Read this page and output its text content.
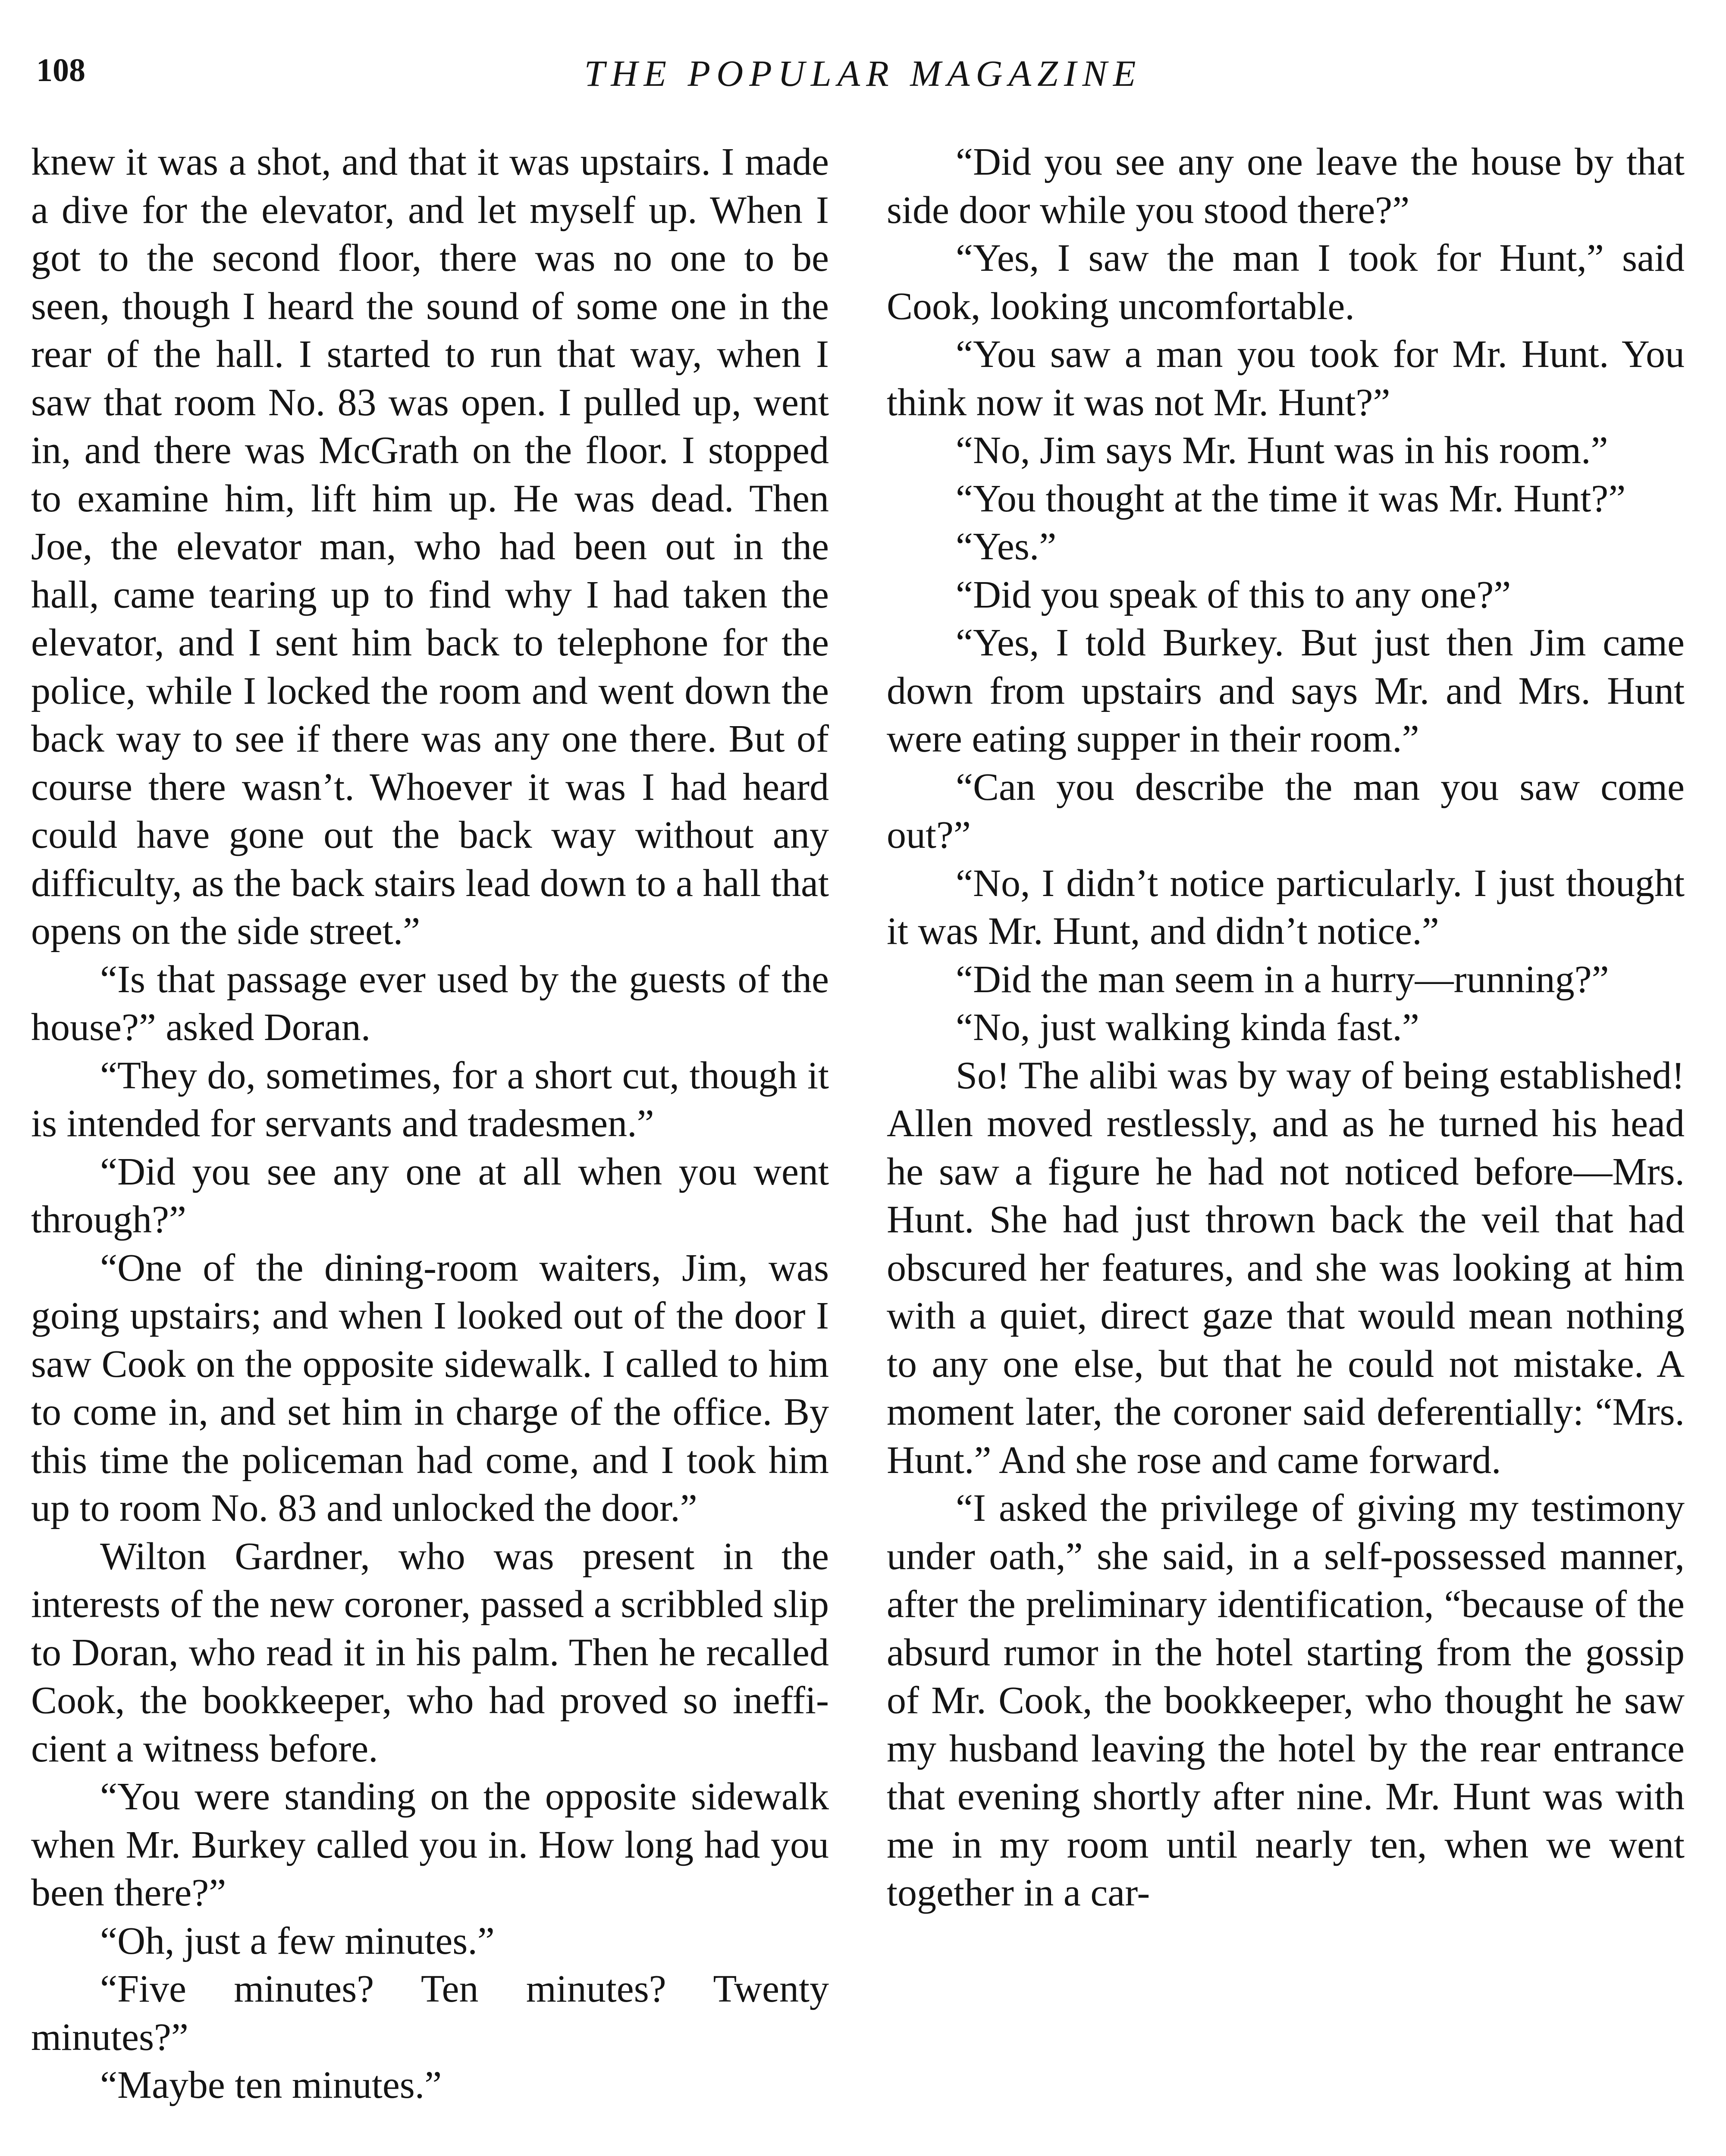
108	THE POPULAR MAGAZINE

knew it was a shot, and that it was upstairs. I made a dive for the elevator, and let myself up. When I got to the second floor, there was no one to be seen, though I heard the sound of some one in the rear of the hall. I started to run that way, when I saw that room No. 83 was open. I pulled up, went in, and there was McGrath on the floor. I stopped to examine him, lift him up. He was dead. Then Joe, the elevator man, who had been out in the hall, came tearing up to find why I had taken the elevator, and I sent him back to telephone for the police, while I locked the room and went down the back way to see if there was any one there. But of course there wasn’t. Whoever it was I had heard could have gone out the back way without any difficulty, as the back stairs lead down to a hall that opens on the side street.”

“Is that passage ever used by the guests of the house?” asked Doran.

“They do, sometimes, for a short cut, though it is intended for servants and tradesmen.”

“Did you see any one at all when you went through?”

“One of the dining-room waiters, Jim, was going upstairs; and when I looked out of the door I saw Cook on the opposite sidewalk. I called to him to come in, and set him in charge of the office. By this time the policeman had come, and I took him up to room No. 83 and unlocked the door.”

Wilton Gardner, who was present in the interests of the new coroner, passed a scribbled slip to Doran, who read it in his palm. Then he recalled Cook, the bookkeeper, who had proved so inefficient a witness before.

“You were standing on the opposite sidewalk when Mr. Burkey called you in. How long had you been there?”

“Oh, just a few minutes.”

“Five minutes? Ten minutes? Twenty minutes?”

“Maybe ten minutes.”

“Did you see any one leave the house by that side door while you stood there?”

“Yes, I saw the man I took for Hunt,” said Cook, looking uncomfortable.

“You saw a man you took for Mr. Hunt. You think now it was not Mr. Hunt?”

“No, Jim says Mr. Hunt was in his room.”

“You thought at the time it was Mr. Hunt?”

“Yes.”

“Did you speak of this to any one?”

“Yes, I told Burkey. But just then Jim came down from upstairs and says Mr. and Mrs. Hunt were eating supper in their room.”

“Can you describe the man you saw come out?”

“No, I didn’t notice particularly. I just thought it was Mr. Hunt, and didn’t notice.”

“Did the man seem in a hurry—running?”

“No, just walking kinda fast.”

So! The alibi was by way of being established! Allen moved restlessly, and as he turned his head he saw a figure he had not noticed before—Mrs. Hunt. She had just thrown back the veil that had obscured her features, and she was looking at him with a quiet, direct gaze that would mean nothing to any one else, but that he could not mistake. A moment later, the coroner said deferentially: “Mrs. Hunt.” And she rose and came forward.

“I asked the privilege of giving my testimony under oath,” she said, in a self-possessed manner, after the preliminary identification, “because of the absurd rumor in the hotel starting from the gossip of Mr. Cook, the bookkeeper, who thought he saw my husband leaving the hotel by the rear entrance that evening shortly after nine. Mr. Hunt was with me in my room until nearly ten, when we went together in a car-
